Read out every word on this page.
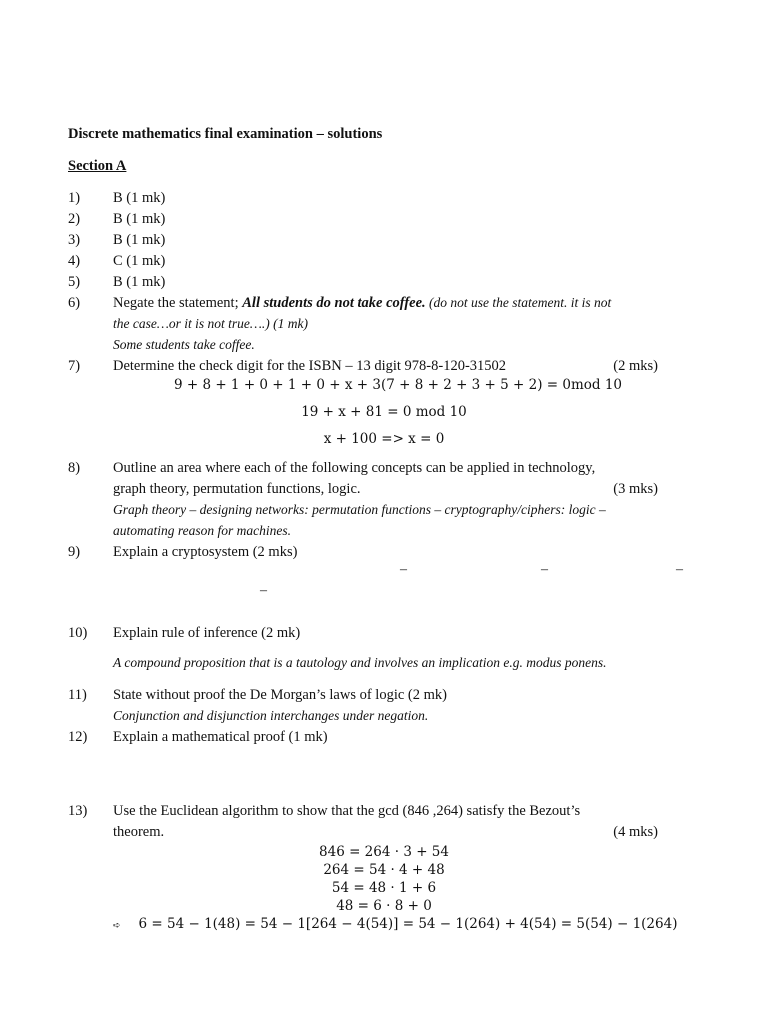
Discrete mathematics final examination – solutions
Section A
1) B (1 mk)
2) B (1 mk)
3) B (1 mk)
4) C (1 mk)
5) B (1 mk)
6) Negate the statement; All students do not take coffee. (do not use the statement. it is not
the case…or it is not true….) (1 mk)
Some students take coffee.
7) Determine the check digit for the ISBN – 13 digit 978-8-120-31502	(2 mks)
9 + 8 + 1 + 0 + 1 + 0 + x + 3(7 + 8 + 2 + 3 + 5 + 2) = 0mod 10
19 + x + 81 = 0 mod 10
x + 100 => x = 0
8) Outline an area where each of the following concepts can be applied in technology,
graph theory, permutation functions, logic.	(3 mks)
Graph theory – designing networks: permutation functions – cryptography/ciphers: logic –
automating reason for machines.
9) Explain a cryptosystem (2 mks)
–	–	–
–
10) Explain rule of inference (2 mk)
A compound proposition that is a tautology and involves an implication e.g. modus ponens.
11) State without proof the De Morgan’s laws of logic (2 mk)
Conjunction and disjunction interchanges under negation.
12) Explain a mathematical proof (1 mk)
13) Use the Euclidean algorithm to show that the gcd (846 ,264) satisfy the Bezout’s
theorem.	(4 mks)
846 = 264 · 3 + 54
264 = 54 · 4 + 48
54 = 48 · 1 + 6
48 = 6 · 8 + 0
➪	6 = 54 − 1(48) = 54 − 1[264 − 4(54)] = 54 − 1(264) + 4(54) = 5(54) − 1(264)
